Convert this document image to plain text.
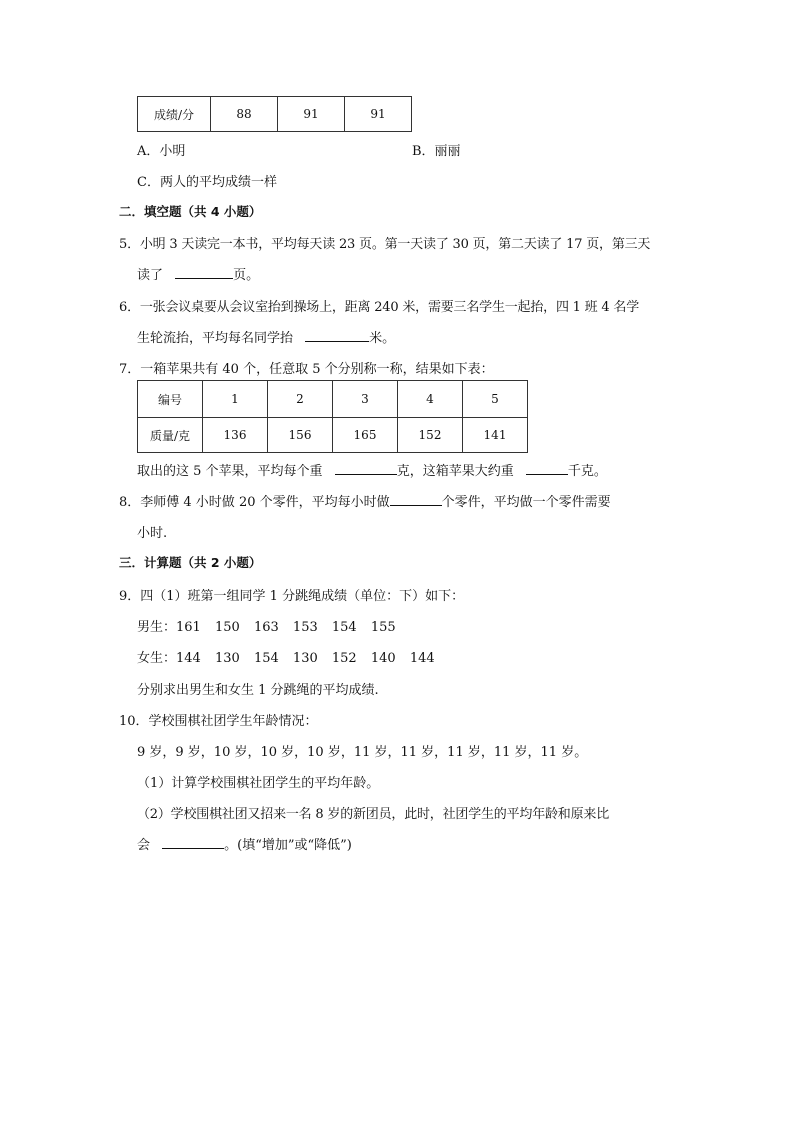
成绩/分	88	91	91
A．小明	B．丽丽
C．两人的平均成绩一样
二．填空题（共 4 小题）
5．小明 3 天读完一本书，平均每天读 23 页。第一天读了 30 页，第二天读了 17 页，第三天
读了	页。
6．一张会议桌要从会议室抬到操场上，距离 240 米，需要三名学生一起抬，四 1 班 4 名学
生轮流抬，平均每名同学抬	米。
7．一箱苹果共有 40 个，任意取 5 个分别称一称，结果如下表：
编号	1	2	3	4	5
质量/克	136	156	165	152	141
取出的这 5 个苹果，平均每个重	克，这箱苹果大约重	千克。
8．李师傅 4 小时做 20 个零件，平均每小时做	个零件，平均做一个零件需要
小时.
三．计算题（共 2 小题）
9．四（1）班第一组同学 1 分跳绳成绩（单位：下）如下：
男生：161 150 163 153 154 155
女生：144 130 154 130 152 140 144
分别求出男生和女生 1 分跳绳的平均成绩.
10．学校围棋社团学生年龄情况：
9 岁，9 岁，10 岁，10 岁，10 岁，11 岁，11 岁，11 岁，11 岁，11 岁。
（1）计算学校围棋社团学生的平均年龄。
（2）学校围棋社团又招来一名 8 岁的新团员，此时，社团学生的平均年龄和原来比
会	。(填“增加”或“降低”)
